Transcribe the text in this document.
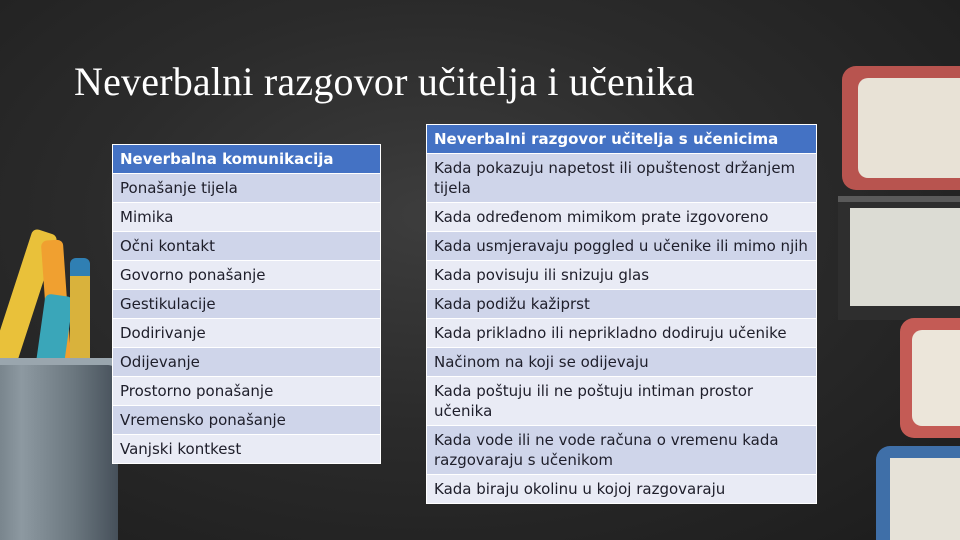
Neverbalni razgovor učitelja i učenika
Neverbalna komunikacija
Ponašanje tijela
Mimika
Očni kontakt
Govorno ponašanje
Gestikulacije
Dodirivanje
Odijevanje
Prostorno ponašanje
Vremensko ponašanje
Vanjski kontkest
Neverbalni razgovor učitelja s učenicima
Kada pokazuju napetost ili opuštenost držanjem tijela
Kada određenom mimikom prate izgovoreno
Kada usmjeravaju poggled u učenike ili mimo njih
Kada povisuju ili snizuju glas
Kada podižu kažiprst
Kada prikladno ili neprikladno dodiruju učenike
Načinom na koji se odijevaju
Kada poštuju ili ne poštuju intiman prostor učenika
Kada vode ili ne vode računa o vremenu kada razgovaraju s učenikom
Kada biraju okolinu u kojoj razgovaraju
